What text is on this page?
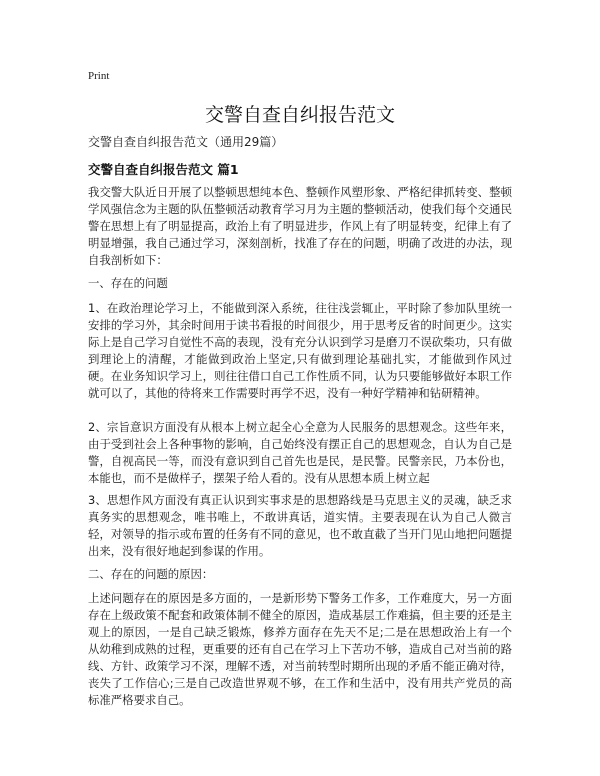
Print
交警自查自纠报告范文
交警自查自纠报告范文（通用29篇）
交警自查自纠报告范文 篇1
我交警大队近日开展了以整顿思想纯本色、整顿作风塑形象、严格纪律抓转变、整顿学风强信念为主题的队伍整顿活动教育学习月为主题的整顿活动，使我们每个交通民警在思想上有了明显提高，政治上有了明显进步，作风上有了明显转变，纪律上有了明显增强，我自己通过学习，深刻剖析，找准了存在的问题，明确了改进的办法，现自我剖析如下：
一、存在的问题
1、在政治理论学习上，不能做到深入系统，往往浅尝辄止，平时除了参加队里统一安排的学习外，其余时间用于读书看报的时间很少，用于思考反省的时间更少。这实际上是自己学习自觉性不高的表现，没有充分认识到学习是磨刀不误砍柴功，只有做到理论上的清醒，才能做到政治上坚定,只有做到理论基础扎实，才能做到作风过硬。在业务知识学习上，则往往借口自己工作性质不同，认为只要能够做好本职工作就可以了，其他的待将来工作需要时再学不迟，没有一种好学精神和钻研精神。
2、宗旨意识方面没有从根本上树立起全心全意为人民服务的思想观念。这些年来，由于受到社会上各种事物的影响，自己始终没有摆正自己的思想观念，自认为自己是警，自视高民一等，而没有意识到自己首先也是民，是民警。民警亲民，乃本份也，本能也，而不是做样子，摆架子给人看的。没有从思想本质上树立起
3、思想作风方面没有真正认识到实事求是的思想路线是马克思主义的灵魂，缺乏求真务实的思想观念，唯书唯上，不敢讲真话，道实情。主要表现在认为自己人微言轻，对领导的指示或布置的任务有不同的意见，也不敢直截了当开门见山地把问题提出来，没有很好地起到参谋的作用。
二、存在的问题的原因：
上述问题存在的原因是多方面的，一是新形势下警务工作多，工作难度大，另一方面存在上级政策不配套和政策体制不健全的原因，造成基层工作难搞，但主要的还是主观上的原因，一是自己缺乏锻炼，修养方面存在先天不足;二是在思想政治上有一个从幼稚到成熟的过程，更重要的还有自己在学习上下苦功不够，造成自己对当前的路线、方针、政策学习不深，理解不透，对当前转型时期所出现的矛盾不能正确对待，丧失了工作信心;三是自己改造世界观不够，在工作和生活中，没有用共产党员的高标准严格要求自己。
